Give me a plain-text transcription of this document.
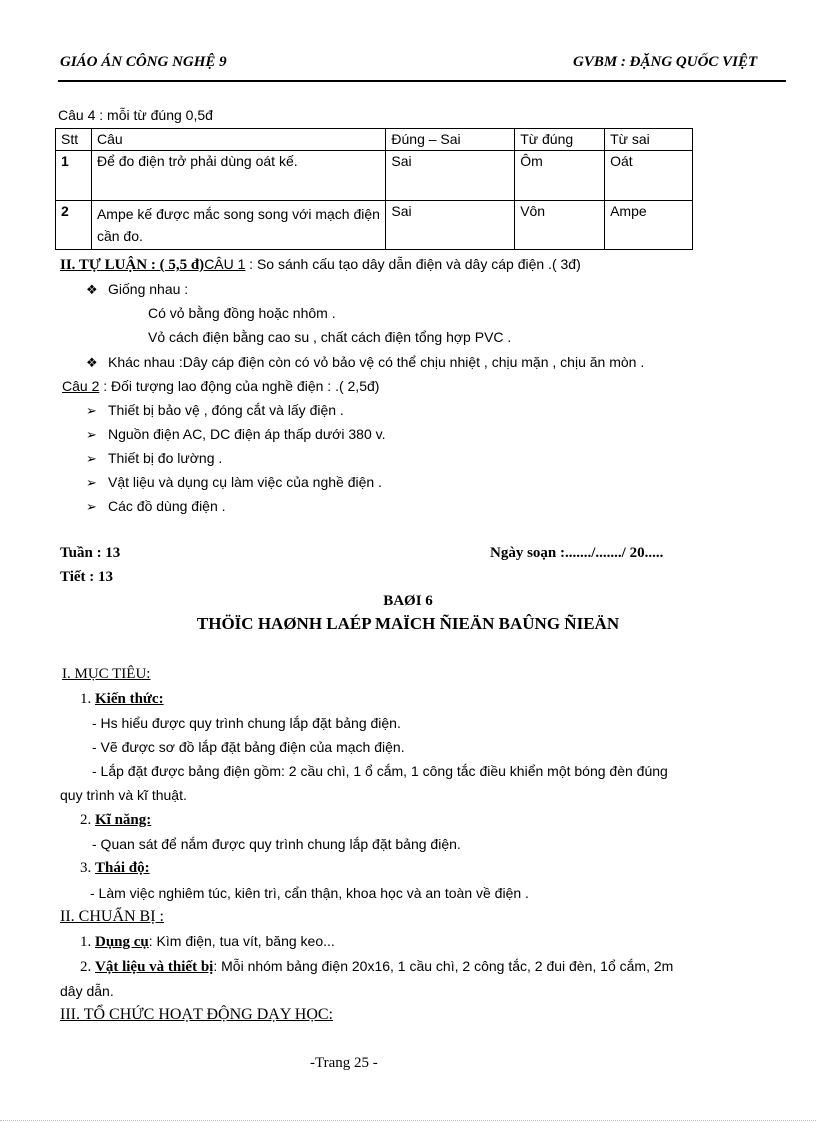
GIÁO ÁN CÔNG NGHỆ 9	GVBM : ĐẶNG QUỐC VIỆT
Câu 4 : mỗi từ đúng 0,5đ
Stt	Câu	Đúng – Sai	Từ đúng	Từ sai
1	Để đo điện trở phải dùng oát kế.	Sai	Ôm	Oát
2	Ampe kế được mắc song song với mạch điện cần đo.	Sai	Vôn	Ampe
II. TỰ LUẬN : ( 5,5 đ)CÂU 1 : So sánh cấu tạo dây dẫn điện và dây cáp điện .( 3đ)
❖ Giống nhau :
Có vỏ bằng đồng hoặc nhôm .
Vỏ cách điện bằng cao su , chất cách điện tổng hợp PVC .
❖ Khác nhau :Dây cáp điện còn có vỏ bảo vệ có thể chịu nhiệt , chịu mặn , chịu ăn mòn .
Câu 2 : Đối tượng lao động của nghề điện : .( 2,5đ)
➢ Thiết bị bảo vệ , đóng cắt và lấy điện .
➢ Nguồn điện AC, DC điện áp thấp dưới 380 v.
➢ Thiết bị đo lường .
➢ Vật liệu và dụng cụ làm việc của nghề điện .
➢ Các đồ dùng điện .
Tuần : 13	Ngày soạn :......./......./ 20.....
Tiết : 13
BAØI 6
THÖÏC HAØNH LAÉP MAÏCH ÑIEÄN BAÛNG ÑIEÄN
I. MỤC TIÊU:
1. Kiến thức:
- Hs hiểu được quy trình chung lắp đặt bảng điện.
- Vẽ được sơ đồ lắp đặt bảng điện của mạch điện.
- Lắp đặt được bảng điện gồm: 2 cầu chì, 1 ổ cắm, 1 công tắc điều khiển một bóng đèn đúng
quy trình và kĩ thuật.
2. Kĩ năng:
- Quan sát để nắm được quy trình chung lắp đặt bảng điện.
3. Thái độ:
- Làm việc nghiêm túc, kiên trì, cẩn thận, khoa học và an toàn về điện .
II. CHUẨN BỊ :
1. Dụng cụ: Kìm điện, tua vít, băng keo...
2. Vật liệu và thiết bị: Mỗi nhóm bảng điện 20x16, 1 cầu chì, 2 công tắc, 2 đui đèn, 1ổ cắm, 2m
dây dẫn.
III. TỔ CHỨC HOẠT ĐỘNG DẠY HỌC:
-Trang 25 -
